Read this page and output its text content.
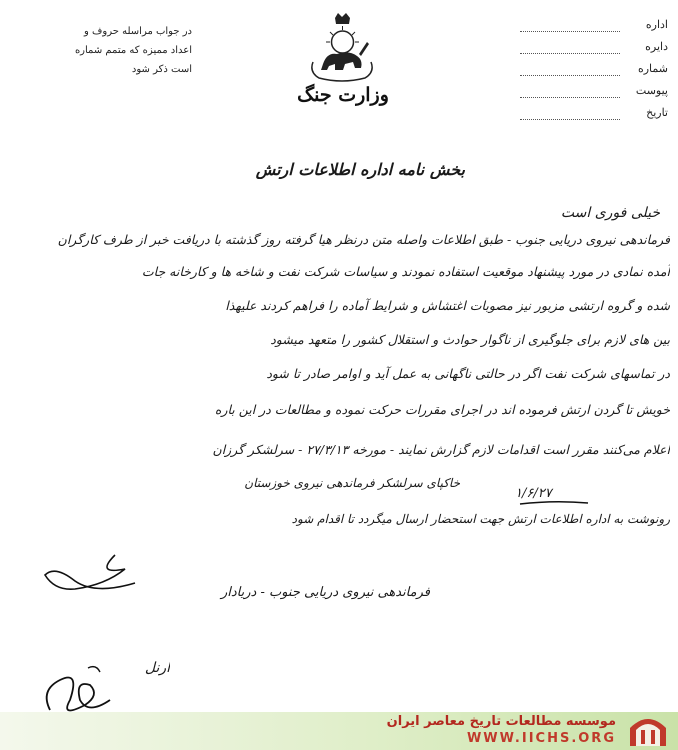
در جواب مراسله حروف و
اعداد ممیزه که متمم شماره
است ذکر شود
وزارت جنگ
اداره
دایره
شماره
پیوست
تاریخ
بخش نامه اداره اطلاعات ارتش
خیلی فوری است
فرماندهی نیروی دریایی جنوب - طبق اطلاعات واصله متن درنظر هیا گرفته روز گذشته با دریافت خبر از طرف کارگران
آمده نمادی در مورد پیشنهاد موقعیت استفاده نمودند و سیاسات شرکت نفت و شاخه ها و کارخانه جات
شده و گروه ارتشی مزبور نیز مصوبات اغتشاش و شرایط آماده را فراهم کردند علیهذا
بین های لازم برای جلوگیری از ناگوار حوادث و استقلال کشور را متعهد میشود
در تماسهای شرکت نفت اگر در حالتی ناگهانی به عمل آید و اوامر صادر تا شود
خویش تا گردن ارتش فرموده اند در اجرای مقررات حرکت نموده و مطالعات در این باره
اعلام می‌کنند مقرر است اقدامات لازم گزارش نمایند - مورخه ۲۷/۳/۱۳ - سرلشکر گرزان
خاکپای سرلشکر فرماندهی نیروی خوزستان
۱/۶/۲۷
رونوشت به اداره اطلاعات ارتش جهت استحضار ارسال میگردد تا اقدام شود
فرماندهی نیروی دریایی جنوب - دریادار
ارنل
موسسه مطالعات تاریخ معاصر ایران
WWW.IICHS.ORG
